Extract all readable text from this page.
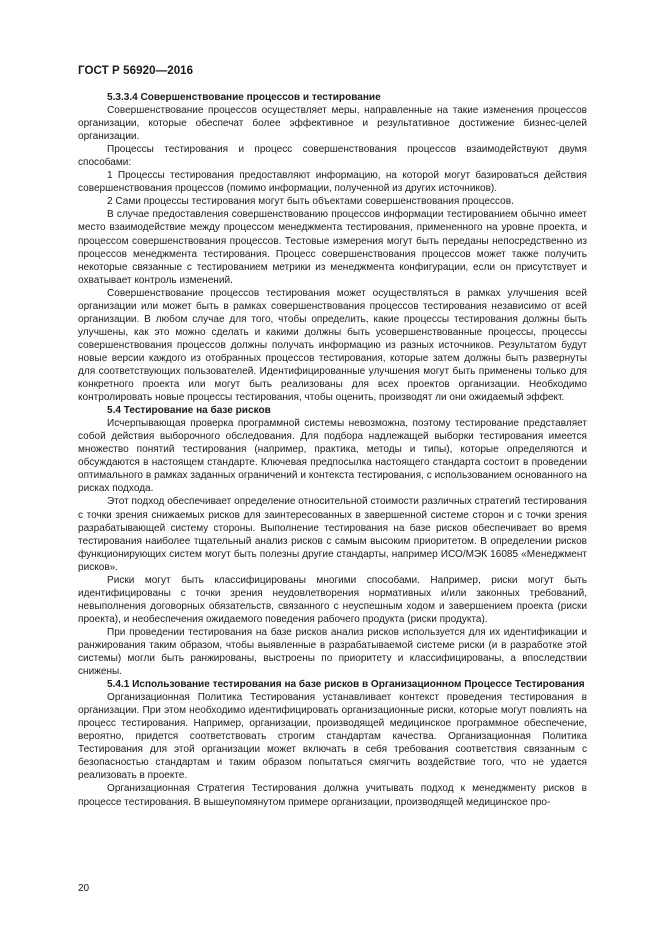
ГОСТ Р 56920—2016

5.3.3.4 Совершенствование процессов и тестирование

Совершенствование процессов осуществляет меры, направленные на такие изменения процессов организации, которые обеспечат более эффективное и результативное достижение бизнес-целей организации.

Процессы тестирования и процесс совершенствования процессов взаимодействуют двумя способами:

1 Процессы тестирования предоставляют информацию, на которой могут базироваться действия совершенствования процессов (помимо информации, полученной из других источников).

2 Сами процессы тестирования могут быть объектами совершенствования процессов.

В случае предоставления совершенствованию процессов информации тестированием обычно имеет место взаимодействие между процессом менеджмента тестирования, примененного на уровне проекта, и процессом совершенствования процессов. Тестовые измерения могут быть переданы непосредственно из процессов менеджмента тестирования. Процесс совершенствования процессов может также получить некоторые связанные с тестированием метрики из менеджмента конфигурации, если он присутствует и охватывает контроль изменений.

Совершенствование процессов тестирования может осуществляться в рамках улучшения всей организации или может быть в рамках совершенствования процессов тестирования независимо от всей организации. В любом случае для того, чтобы определить, какие процессы тестирования должны быть улучшены, как это можно сделать и какими должны быть усовершенствованные процессы, процессы совершенствования процессов должны получать информацию из разных источников. Результатом будут новые версии каждого из отобранных процессов тестирования, которые затем должны быть развернуты для соответствующих пользователей. Идентифицированные улучшения могут быть применены только для конкретного проекта или могут быть реализованы для всех проектов организации. Необходимо контролировать новые процессы тестирования, чтобы оценить, производят ли они ожидаемый эффект.

5.4 Тестирование на базе рисков

Исчерпывающая проверка программной системы невозможна, поэтому тестирование представляет собой действия выборочного обследования. Для подбора надлежащей выборки тестирования имеется множество понятий тестирования (например, практика, методы и типы), которые определяются и обсуждаются в настоящем стандарте. Ключевая предпосылка настоящего стандарта состоит в проведении оптимального в рамках заданных ограничений и контекста тестирования, с использованием основанного на рисках подхода.

Этот подход обеспечивает определение относительной стоимости различных стратегий тестирования с точки зрения снижаемых рисков для заинтересованных в завершенной системе сторон и с точки зрения разрабатывающей систему стороны. Выполнение тестирования на базе рисков обеспечивает во время тестирования наиболее тщательный анализ рисков с самым высоким приоритетом. В определении рисков функционирующих систем могут быть полезны другие стандарты, например ИСО/МЭК 16085 «Менеджмент рисков».

Риски могут быть классифицированы многими способами. Например, риски могут быть идентифицированы с точки зрения неудовлетворения нормативных и/или законных требований, невыполнения договорных обязательств, связанного с неуспешным ходом и завершением проекта (риски проекта), и необеспечения ожидаемого поведения рабочего продукта (риски продукта).

При проведении тестирования на базе рисков анализ рисков используется для их идентификации и ранжирования таким образом, чтобы выявленные в разрабатываемой системе риски (и в разработке этой системы) могли быть ранжированы, выстроены по приоритету и классифицированы, а впоследствии снижены.

5.4.1 Использование тестирования на базе рисков в Организационном Процессе Тестирования

Организационная Политика Тестирования устанавливает контекст проведения тестирования в организации. При этом необходимо идентифицировать организационные риски, которые могут повлиять на процесс тестирования. Например, организации, производящей медицинское программное обеспечение, вероятно, придется соответствовать строгим стандартам качества. Организационная Политика Тестирования для этой организации может включать в себя требования соответствия связанным с безопасностью стандартам и таким образом попытаться смягчить воздействие того, что не удается реализовать в проекте.

Организационная Стратегия Тестирования должна учитывать подход к менеджменту рисков в процессе тестирования. В вышеупомянутом примере организации, производящей медицинское про-

20
